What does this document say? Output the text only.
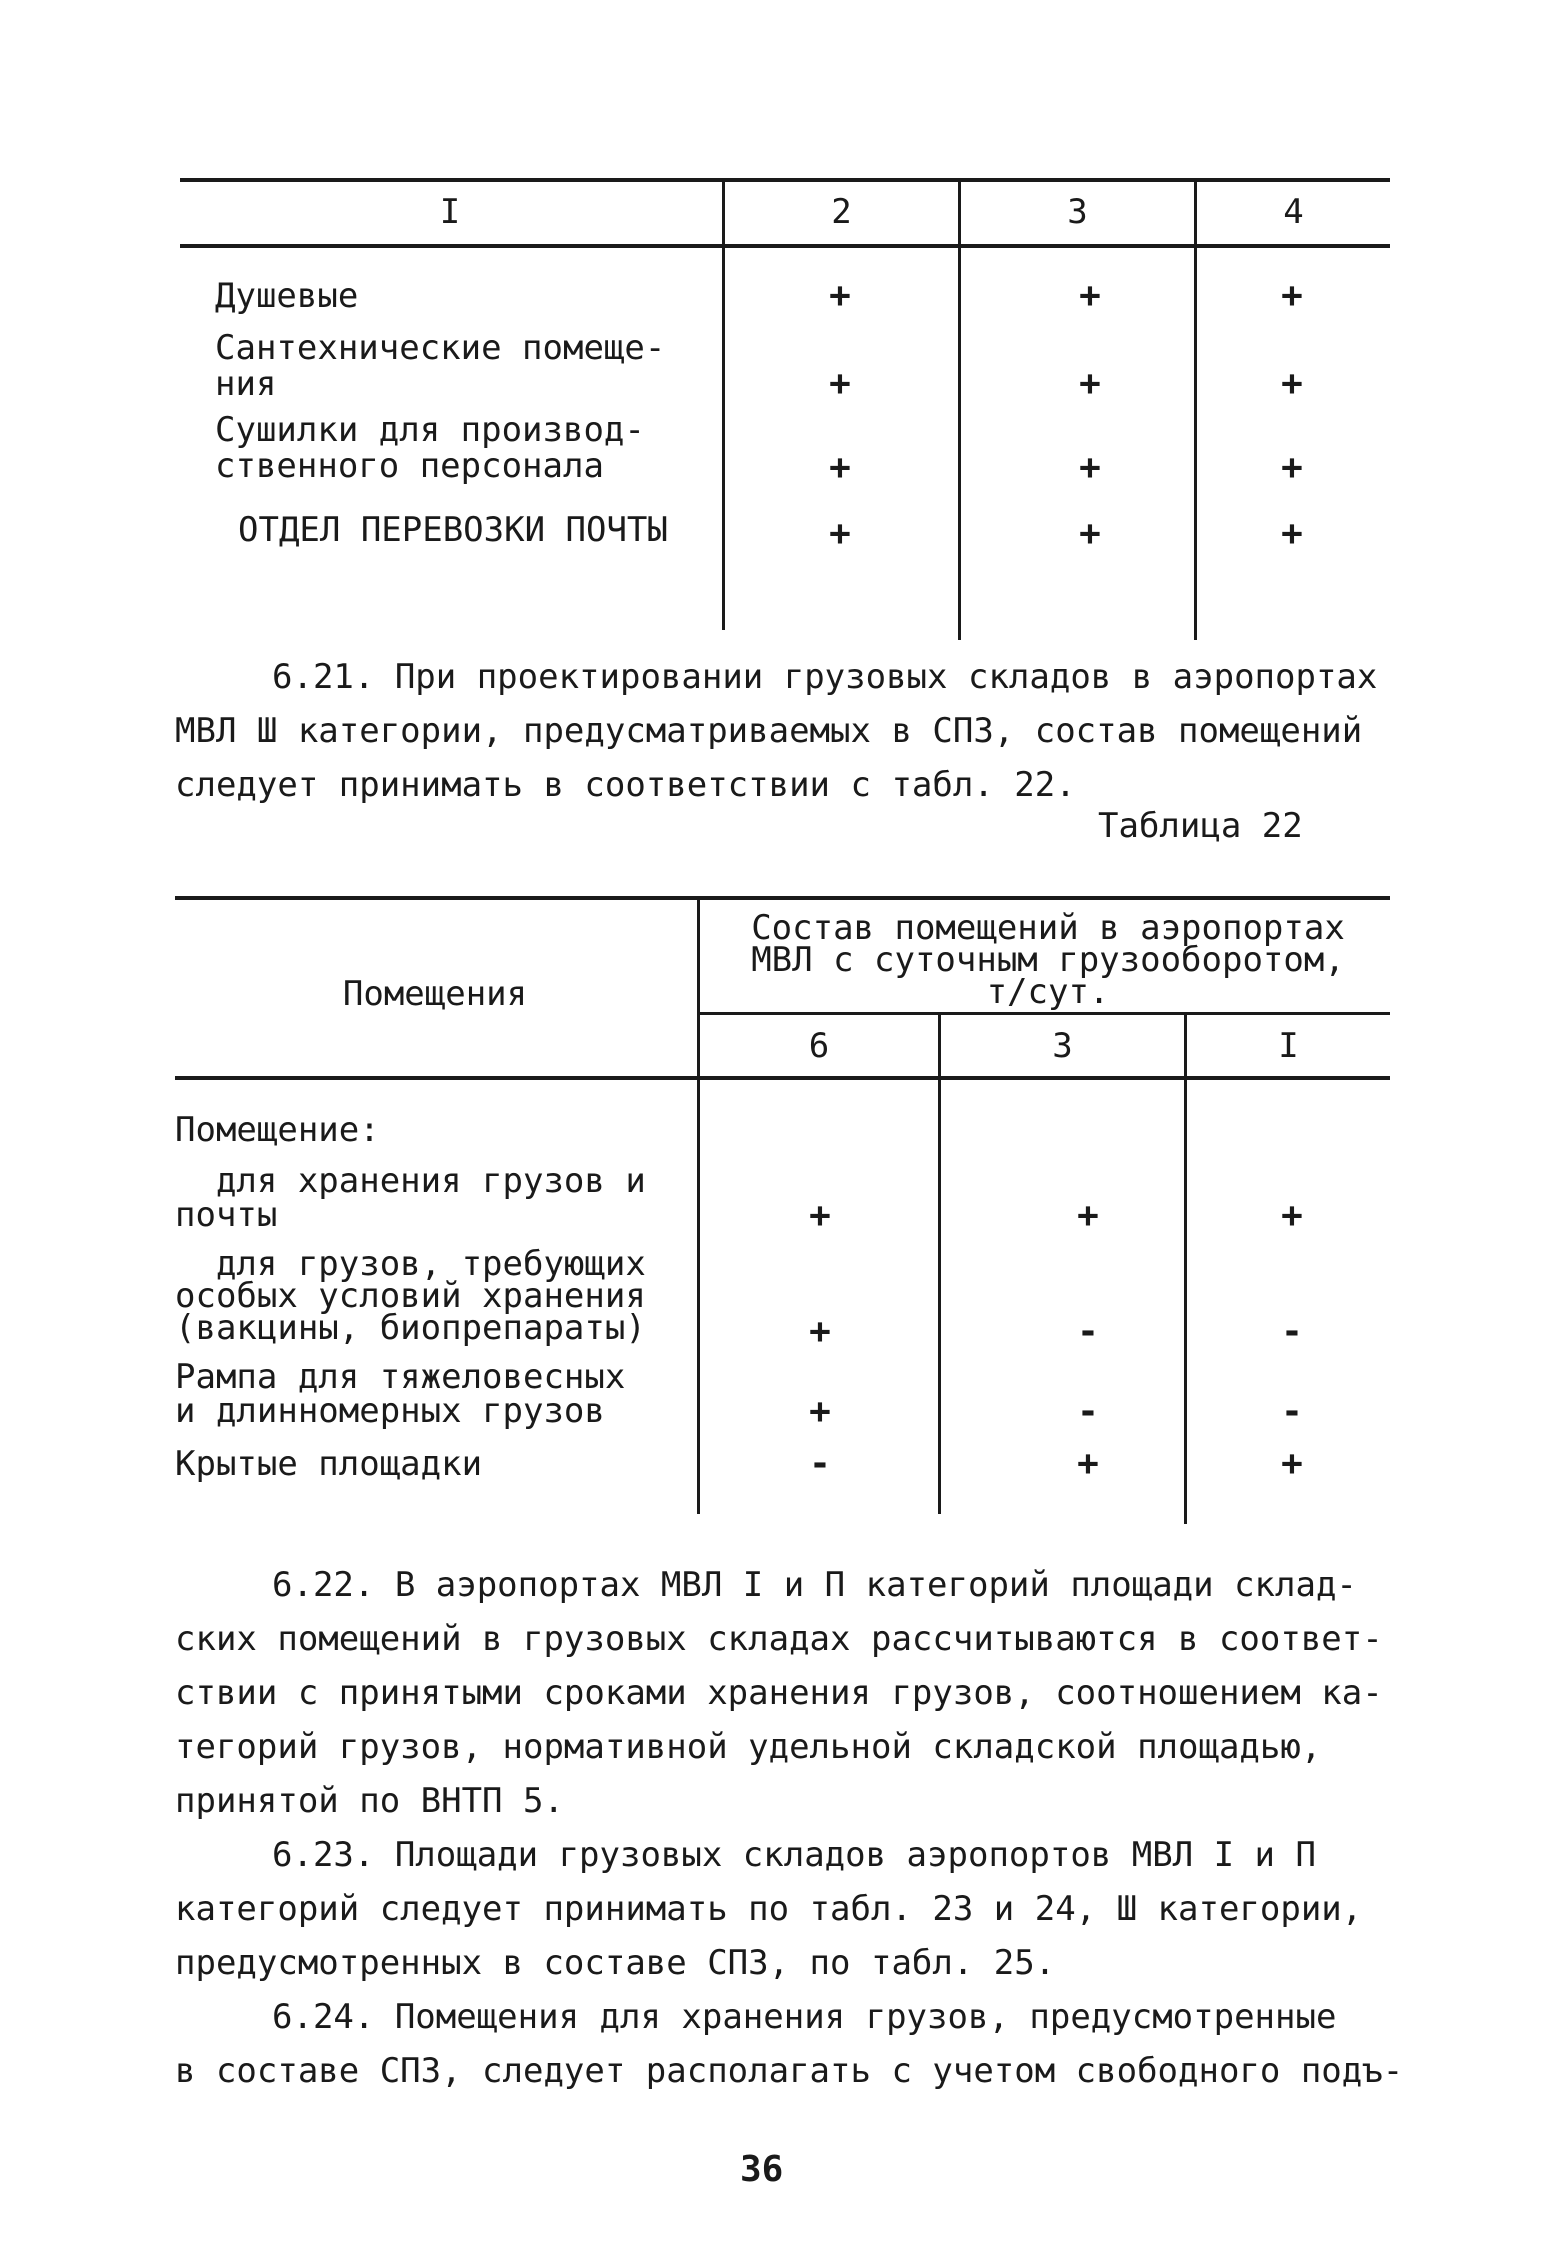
I	2	3	4
Душевые	+	+	+
Сантехнические помеще-
ния	+	+	+
Сушилки для производ-
ственного персонала	+	+	+
ОТДЕЛ ПЕРЕВОЗКИ ПОЧТЫ	+	+	+
6.21. При проектировании грузовых складов в аэропортах
МВЛ Ш категории, предусматриваемых в СПЗ, состав помещений
следует принимать в соответствии с табл. 22.
Таблица 22
Помещения
Состав помещений в аэропортах
МВЛ с суточным грузооборотом,
т/сут.
6	3	I
Помещение:
для хранения грузов и
почты	+	+	+
для грузов, требующих
особых условий хранения
(вакцины, биопрепараты)	+	-	-
Рампа для тяжеловесных
и длинномерных грузов	+	-	-
Крытые площадки	-	+	+
6.22. В аэропортах МВЛ I и П категорий площади склад-
ских помещений в грузовых складах рассчитываются в соответ-
ствии с принятыми сроками хранения грузов, соотношением ка-
тегорий грузов, нормативной удельной складской площадью,
принятой по ВНТП 5.
6.23. Площади грузовых складов аэропортов МВЛ I и П
категорий следует принимать по табл. 23 и 24, Ш категории,
предусмотренных в составе СПЗ, по табл. 25.
6.24. Помещения для хранения грузов, предусмотренные
в составе СПЗ, следует располагать с учетом свободного подъ-
36
